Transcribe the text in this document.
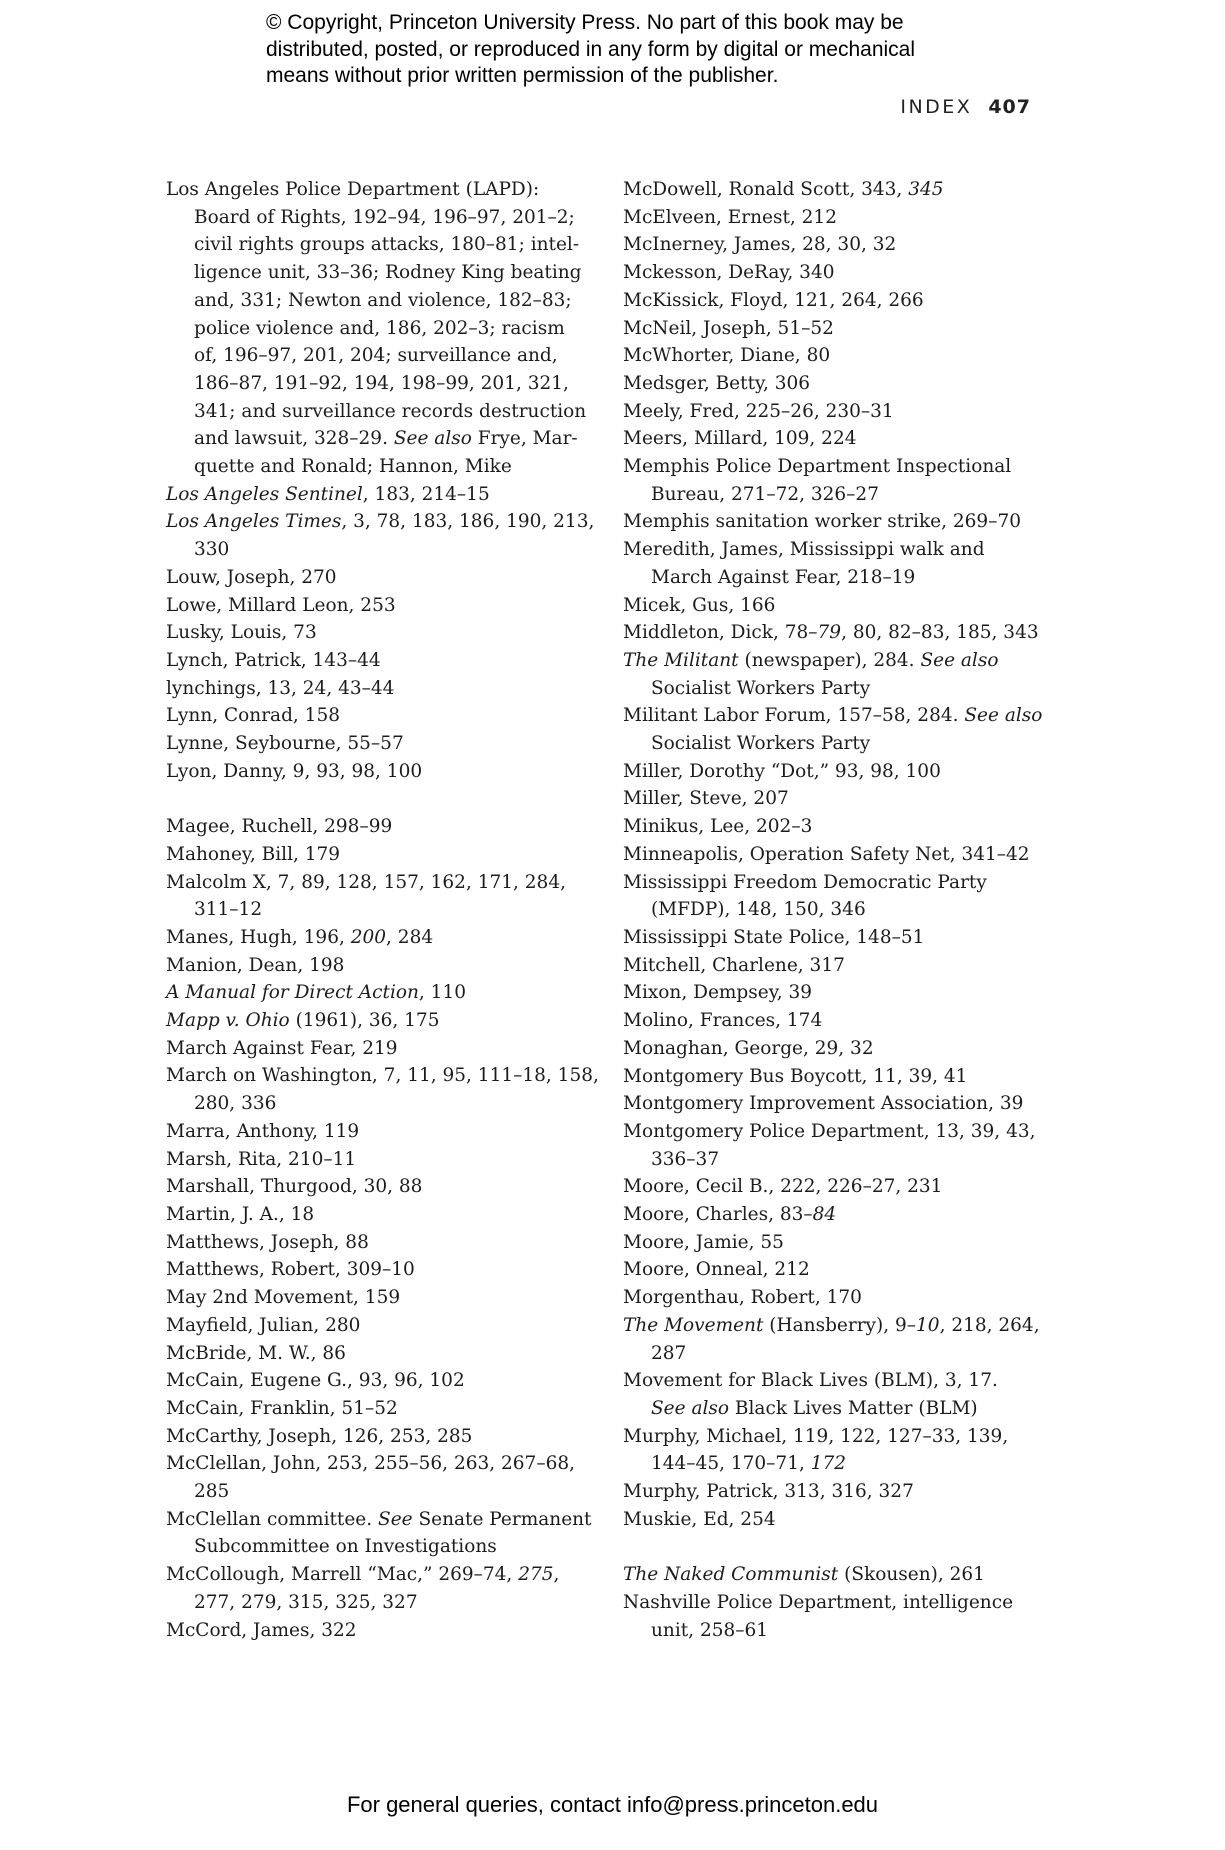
© Copyright, Princeton University Press. No part of this book may be
distributed, posted, or reproduced in any form by digital or mechanical
means without prior written permission of the publisher.
INDEX 407
Los Angeles Police Department (LAPD):
Board of Rights, 192–94, 196–97, 201–2;
civil rights groups attacks, 180–81; intel-
ligence unit, 33–36; Rodney King beating
and, 331; Newton and violence, 182–83;
police violence and, 186, 202–3; racism
of, 196–97, 201, 204; surveillance and,
186–87, 191–92, 194, 198–99, 201, 321,
341; and surveillance records destruction
and lawsuit, 328–29. See also Frye, Mar-
quette and Ronald; Hannon, Mike
Los Angeles Sentinel, 183, 214–15
Los Angeles Times, 3, 78, 183, 186, 190, 213,
330
Louw, Joseph, 270
Lowe, Millard Leon, 253
Lusky, Louis, 73
Lynch, Patrick, 143–44
lynchings, 13, 24, 43–44
Lynn, Conrad, 158
Lynne, Seybourne, 55–57
Lyon, Danny, 9, 93, 98, 100
Magee, Ruchell, 298–99
Mahoney, Bill, 179
Malcolm X, 7, 89, 128, 157, 162, 171, 284,
311–12
Manes, Hugh, 196, 200, 284
Manion, Dean, 198
A Manual for Direct Action, 110
Mapp v. Ohio (1961), 36, 175
March Against Fear, 219
March on Washington, 7, 11, 95, 111–18, 158,
280, 336
Marra, Anthony, 119
Marsh, Rita, 210–11
Marshall, Thurgood, 30, 88
Martin, J. A., 18
Matthews, Joseph, 88
Matthews, Robert, 309–10
May 2nd Movement, 159
Mayfield, Julian, 280
McBride, M. W., 86
McCain, Eugene G., 93, 96, 102
McCain, Franklin, 51–52
McCarthy, Joseph, 126, 253, 285
McClellan, John, 253, 255–56, 263, 267–68,
285
McClellan committee. See Senate Permanent
Subcommittee on Investigations
McCollough, Marrell “Mac,” 269–74, 275,
277, 279, 315, 325, 327
McCord, James, 322
McDowell, Ronald Scott, 343, 345
McElveen, Ernest, 212
McInerney, James, 28, 30, 32
Mckesson, DeRay, 340
McKissick, Floyd, 121, 264, 266
McNeil, Joseph, 51–52
McWhorter, Diane, 80
Medsger, Betty, 306
Meely, Fred, 225–26, 230–31
Meers, Millard, 109, 224
Memphis Police Department Inspectional
Bureau, 271–72, 326–27
Memphis sanitation worker strike, 269–70
Meredith, James, Mississippi walk and
March Against Fear, 218–19
Micek, Gus, 166
Middleton, Dick, 78–79, 80, 82–83, 185, 343
The Militant (newspaper), 284. See also
Socialist Workers Party
Militant Labor Forum, 157–58, 284. See also
Socialist Workers Party
Miller, Dorothy “Dot,” 93, 98, 100
Miller, Steve, 207
Minikus, Lee, 202–3
Minneapolis, Operation Safety Net, 341–42
Mississippi Freedom Democratic Party
(MFDP), 148, 150, 346
Mississippi State Police, 148–51
Mitchell, Charlene, 317
Mixon, Dempsey, 39
Molino, Frances, 174
Monaghan, George, 29, 32
Montgomery Bus Boycott, 11, 39, 41
Montgomery Improvement Association, 39
Montgomery Police Department, 13, 39, 43,
336–37
Moore, Cecil B., 222, 226–27, 231
Moore, Charles, 83–84
Moore, Jamie, 55
Moore, Onneal, 212
Morgenthau, Robert, 170
The Movement (Hansberry), 9–10, 218, 264,
287
Movement for Black Lives (BLM), 3, 17.
See also Black Lives Matter (BLM)
Murphy, Michael, 119, 122, 127–33, 139,
144–45, 170–71, 172
Murphy, Patrick, 313, 316, 327
Muskie, Ed, 254
The Naked Communist (Skousen), 261
Nashville Police Department, intelligence
unit, 258–61
For general queries, contact info@press.princeton.edu
